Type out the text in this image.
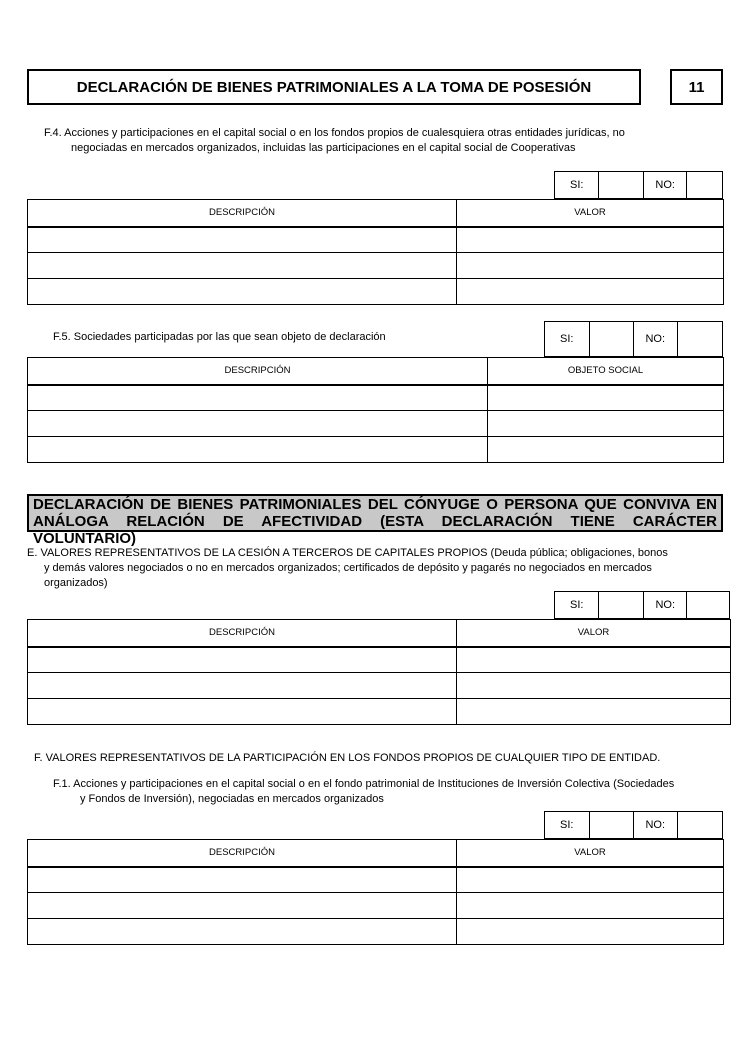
DECLARACIÓN DE BIENES PATRIMONIALES A LA TOMA DE POSESIÓN	11
F.4. Acciones y participaciones en el capital social o en los fondos propios de cualesquiera otras entidades jurídicas, no
negociadas en mercados organizados, incluidas las participaciones en el capital social de Cooperativas
SI:	NO:
DESCRIPCIÓN	VALOR

F.5. Sociedades participadas por las que sean objeto de declaración	SI:	NO:
DESCRIPCIÓN	OBJETO SOCIAL

DECLARACIÓN DE BIENES PATRIMONIALES DEL CÓNYUGE O PERSONA QUE CONVIVA EN
ANÁLOGA RELACIÓN DE AFECTIVIDAD (ESTA DECLARACIÓN TIENE CARÁCTER VOLUNTARIO)
E. VALORES REPRESENTATIVOS DE LA CESIÓN A TERCEROS DE CAPITALES PROPIOS (Deuda pública; obligaciones, bonos
y demás valores negociados o no en mercados organizados; certificados de depósito y pagarés no negociados en mercados
organizados)
SI:	NO:
DESCRIPCIÓN	VALOR

F. VALORES REPRESENTATIVOS DE LA PARTICIPACIÓN EN LOS FONDOS PROPIOS DE CUALQUIER TIPO DE ENTIDAD.
F.1. Acciones y participaciones en el capital social o en el fondo patrimonial de Instituciones de Inversión Colectiva (Sociedades
y Fondos de Inversión), negociadas en mercados organizados
SI:	NO:
DESCRIPCIÓN	VALOR
